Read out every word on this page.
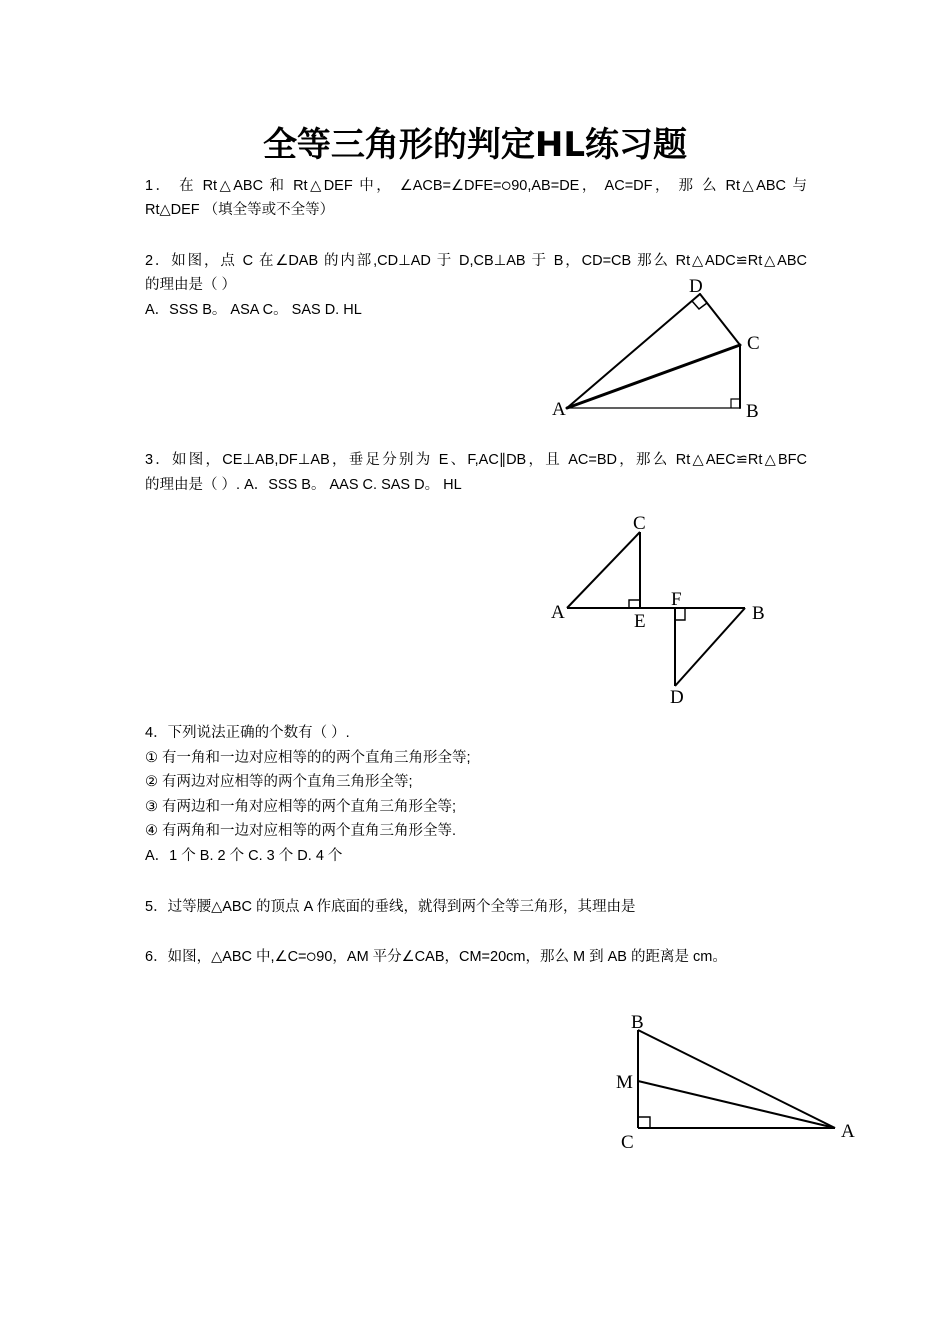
全等三角形的判定HL练习题

1． 在 Rt△ABC 和 Rt△DEF 中， ∠ACB=∠DFE=੦90,AB=DE， AC=DF， 那 么 Rt△ABC 与

Rt△DEF （填全等或不全等）

2．如图，点 C 在∠DAB 的内部,CD⊥AD 于 D,CB⊥AB 于 B，CD=CB 那么 Rt△ADC≌Rt△ABC

的理由是（ ）

A．SSS B。 ASA C。 SAS D. HL

A	B
C
D

3．如图，CE⊥AB,DF⊥AB，垂足分别为 E、F,AC∥DB，且 AC=BD，那么 Rt△AEC≌Rt△BFC

的理由是（ ）. A．SSS B。 AAS C. SAS D。 HL

A	B
C
D
E
F

4．下列说法正确的个数有（ ）.

① 有一角和一边对应相等的的两个直角三角形全等;

② 有两边对应相等的两个直角三角形全等;

③ 有两边和一角对应相等的两个直角三角形全等;

④ 有两角和一边对应相等的两个直角三角形全等.

A．1 个 B. 2 个 C. 3 个 D. 4 个

5．过等腰△ABC 的顶点 A 作底面的垂线，就得到两个全等三角形，其理由是

6．如图，△ABC 中,∠C=੦90，AM 平分∠CAB，CM=20cm，那么 M 到 AB 的距离是 cm。

B
M
C
A
